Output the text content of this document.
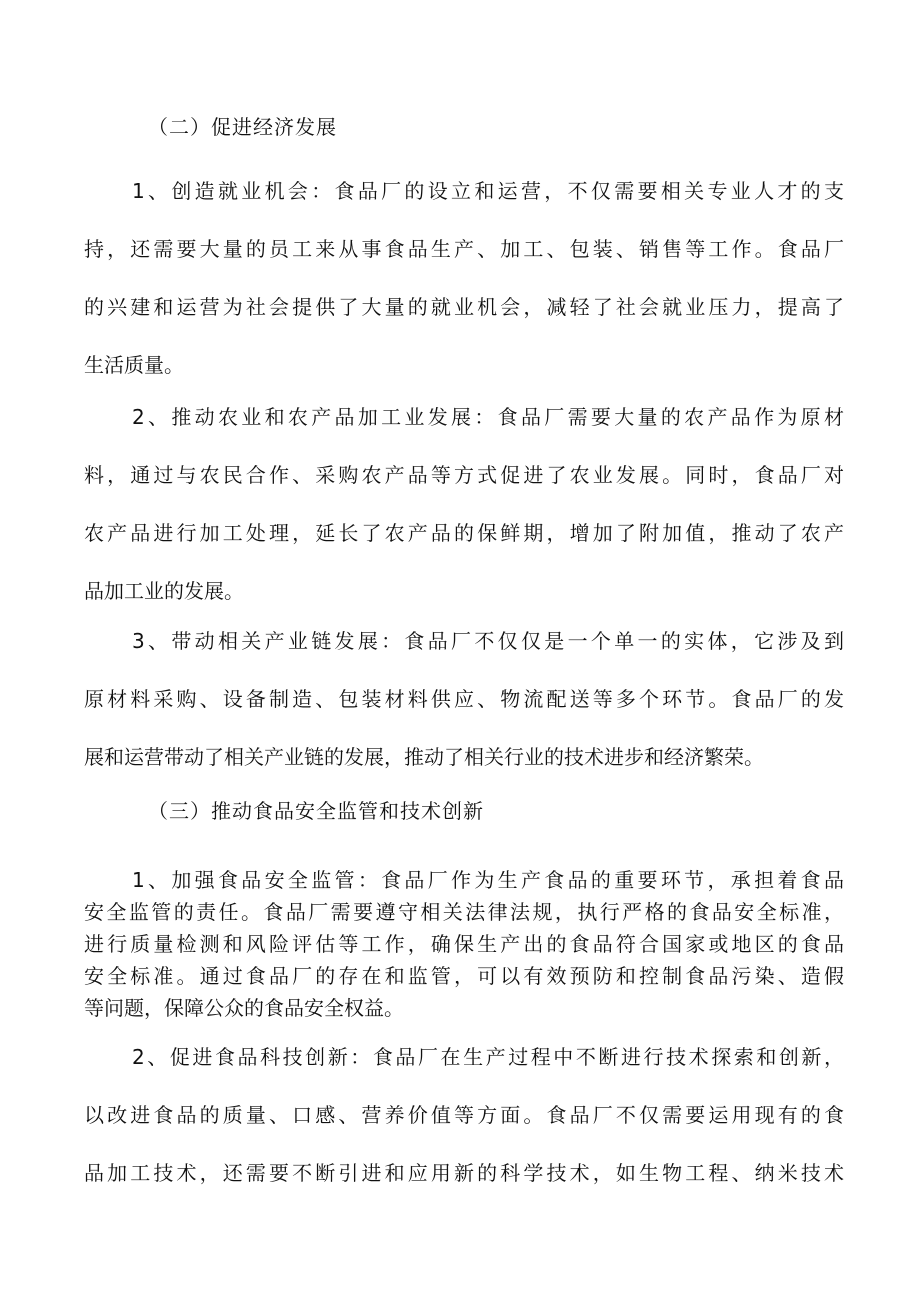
（二）促进经济发展
1、创造就业机会：食品厂的设立和运营，不仅需要相关专业人才的支
持，还需要大量的员工来从事食品生产、加工、包装、销售等工作。食品厂
的兴建和运营为社会提供了大量的就业机会，减轻了社会就业压力，提高了
生活质量。
2、推动农业和农产品加工业发展：食品厂需要大量的农产品作为原材
料，通过与农民合作、采购农产品等方式促进了农业发展。同时，食品厂对
农产品进行加工处理，延长了农产品的保鲜期，增加了附加值，推动了农产
品加工业的发展。
3、带动相关产业链发展：食品厂不仅仅是一个单一的实体，它涉及到
原材料采购、设备制造、包装材料供应、物流配送等多个环节。食品厂的发
展和运营带动了相关产业链的发展，推动了相关行业的技术进步和经济繁荣。
（三）推动食品安全监管和技术创新
1、加强食品安全监管：食品厂作为生产食品的重要环节，承担着食品
安全监管的责任。食品厂需要遵守相关法律法规，执行严格的食品安全标准，
进行质量检测和风险评估等工作，确保生产出的食品符合国家或地区的食品
安全标准。通过食品厂的存在和监管，可以有效预防和控制食品污染、造假
等问题，保障公众的食品安全权益。
2、促进食品科技创新：食品厂在生产过程中不断进行技术探索和创新，
以改进食品的质量、口感、营养价值等方面。食品厂不仅需要运用现有的食
品加工技术，还需要不断引进和应用新的科学技术，如生物工程、纳米技术
